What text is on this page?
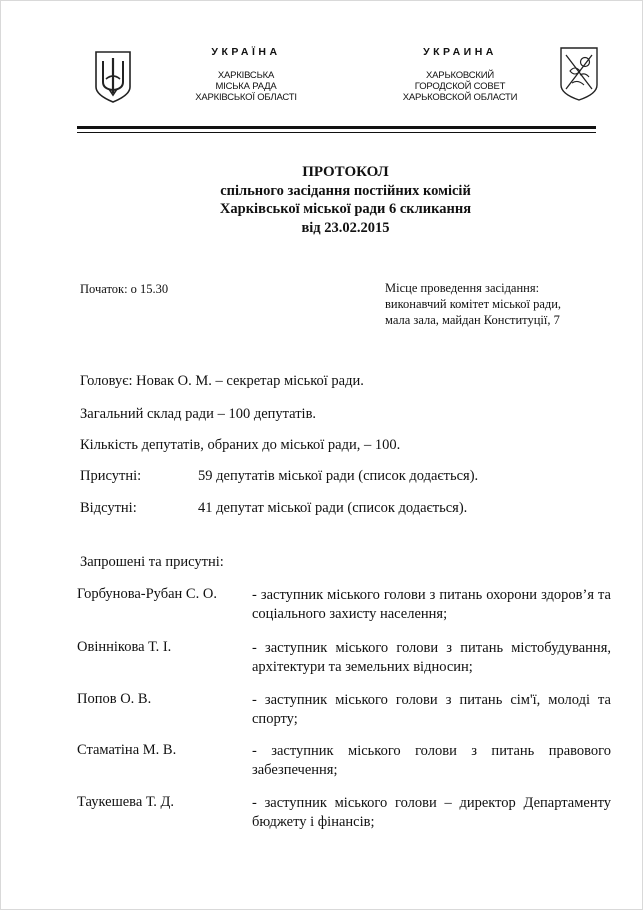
УКРАЇНА
ХАРКІВСЬКА
МІСЬКА РАДА
ХАРКІВСЬКОЇ ОБЛАСТІ
УКРАИНА
ХАРЬКОВСКИЙ
ГОРОДСКОЙ СОВЕТ
ХАРЬКОВСКОЙ ОБЛАСТИ
ПРОТОКОЛ
спільного засідання постійних комісій
Харківської міської ради 6 скликання
від 23.02.2015
Початок: о 15.30	Місце проведення засідання:
виконавчий комітет міської ради,
мала зала, майдан Конституції, 7
Головує: Новак О. М. – секретар міської ради.
Загальний склад ради – 100 депутатів.
Кількість депутатів, обраних до міської ради, – 100.
Присутні:	59 депутатів міської ради (список додається).
Відсутні:	41 депутат міської ради (список додається).
Запрошені та присутні:
Горбунова-Рубан С. О. - заступник міського голови з питань охорони здоров’я та соціального захисту населення;
Овіннікова Т. І.	- заступник міського голови з питань містобудування, архітектури та земельних відносин;
Попов О. В.	- заступник міського голови з питань сім'ї, молоді та спорту;
Стаматіна М. В.	- заступник міського голови з питань правового забезпечення;
Таукешева Т. Д.	- заступник міського голови – директор Департаменту бюджету і фінансів;
